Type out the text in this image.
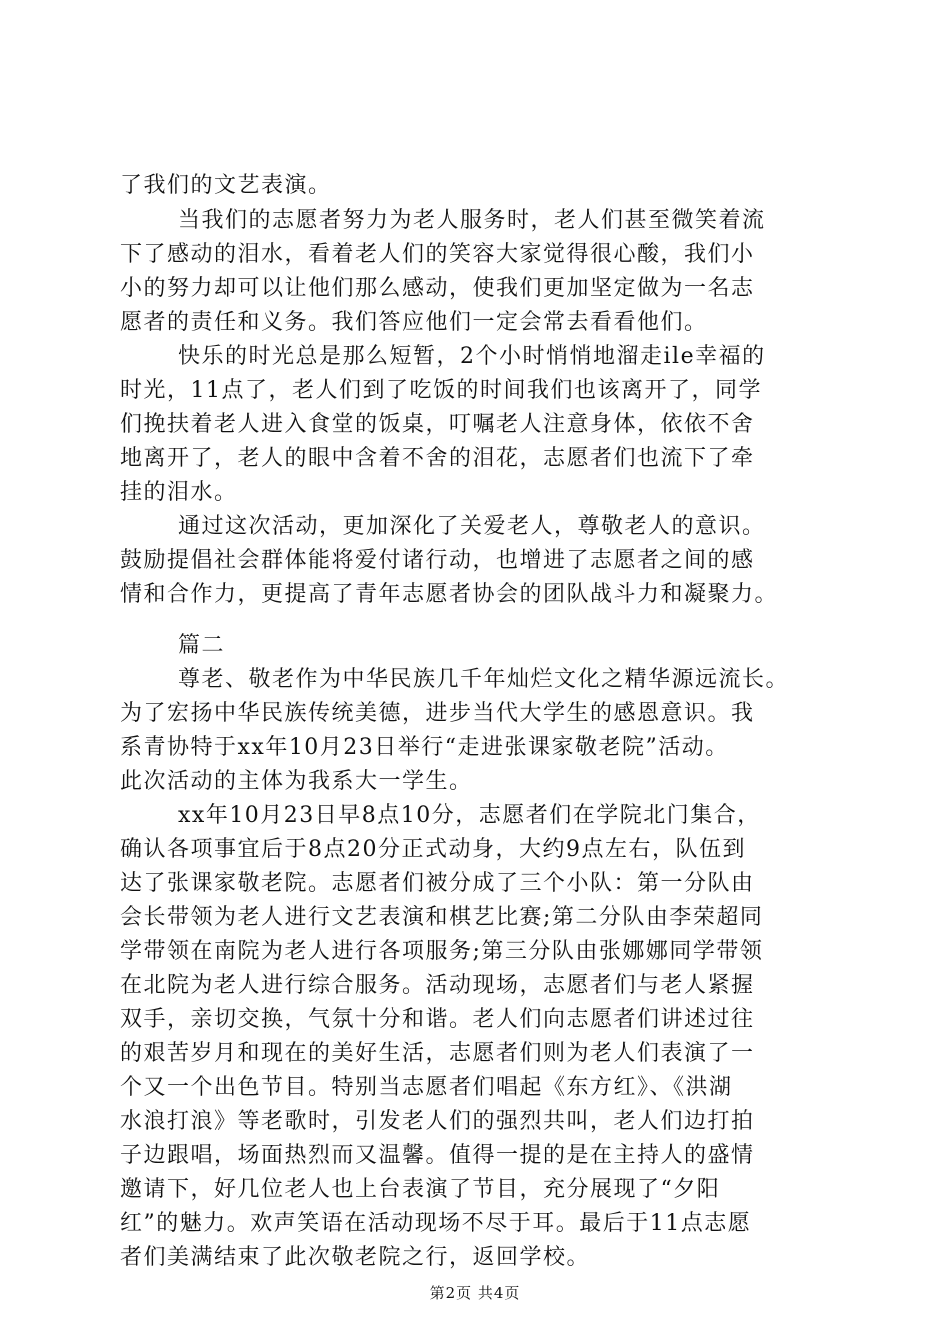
了我们的文艺表演。
当我们的志愿者努力为老人服务时，老人们甚至微笑着流
下了感动的泪水，看着老人们的笑容大家觉得很心酸，我们小
小的努力却可以让他们那么感动，使我们更加坚定做为一名志
愿者的责任和义务。我们答应他们一定会常去看看他们。
快乐的时光总是那么短暂，2个小时悄悄地溜走ile幸福的
时光，11点了，老人们到了吃饭的时间我们也该离开了，同学
们挽扶着老人进入食堂的饭桌，叮嘱老人注意身体，依依不舍
地离开了，老人的眼中含着不舍的泪花，志愿者们也流下了牵
挂的泪水。
通过这次活动，更加深化了关爱老人，尊敬老人的意识。
鼓励提倡社会群体能将爱付诸行动，也增进了志愿者之间的感
情和合作力，更提高了青年志愿者协会的团队战斗力和凝聚力。
篇二
尊老、敬老作为中华民族几千年灿烂文化之精华源远流长。
为了宏扬中华民族传统美德，进步当代大学生的感恩意识。我
系青协特于xx年10月23日举行“走进张课家敬老院”活动。
此次活动的主体为我系大一学生。
xx年10月23日早8点10分，志愿者们在学院北门集合，
确认各项事宜后于8点20分正式动身，大约9点左右，队伍到
达了张课家敬老院。志愿者们被分成了三个小队：第一分队由
会长带领为老人进行文艺表演和棋艺比赛;第二分队由李荣超同
学带领在南院为老人进行各项服务;第三分队由张娜娜同学带领
在北院为老人进行综合服务。活动现场，志愿者们与老人紧握
双手，亲切交换，气氛十分和谐。老人们向志愿者们讲述过往
的艰苦岁月和现在的美好生活，志愿者们则为老人们表演了一
个又一个出色节目。特别当志愿者们唱起《东方红》、《洪湖
水浪打浪》等老歌时，引发老人们的强烈共叫，老人们边打拍
子边跟唱，场面热烈而又温馨。值得一提的是在主持人的盛情
邀请下，好几位老人也上台表演了节目，充分展现了“夕阳
红”的魅力。欢声笑语在活动现场不尽于耳。最后于11点志愿
者们美满结束了此次敬老院之行，返回学校。
第2页 共4页
